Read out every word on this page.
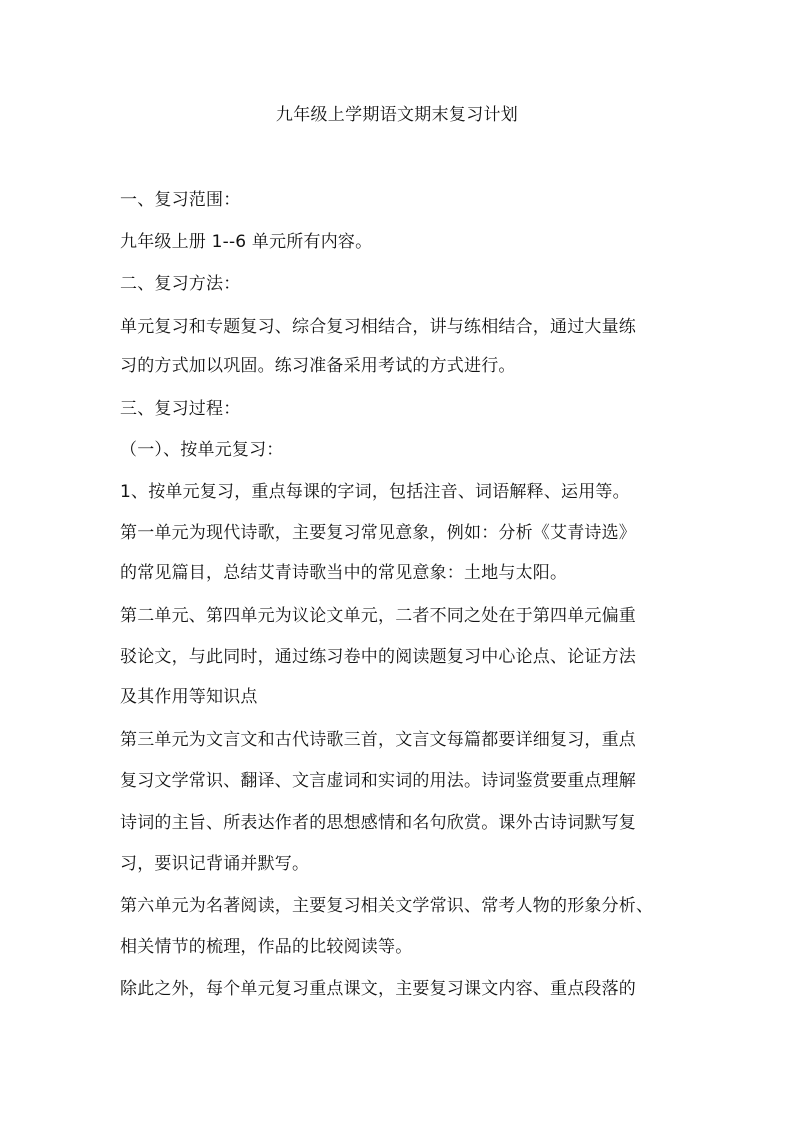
九年级上学期语文期末复习计划
一、复习范围：
九年级上册 1--6 单元所有内容。
二、复习方法：
单元复习和专题复习、综合复习相结合，讲与练相结合，通过大量练
习的方式加以巩固。练习准备采用考试的方式进行。
三、复习过程：
（一）、按单元复习：
1、按单元复习，重点每课的字词，包括注音、词语解释、运用等。
第一单元为现代诗歌，主要复习常见意象，例如：分析《艾青诗选》
的常见篇目，总结艾青诗歌当中的常见意象：土地与太阳。
第二单元、第四单元为议论文单元，二者不同之处在于第四单元偏重
驳论文，与此同时，通过练习卷中的阅读题复习中心论点、论证方法
及其作用等知识点
第三单元为文言文和古代诗歌三首，文言文每篇都要详细复习，重点
复习文学常识、翻译、文言虚词和实词的用法。诗词鉴赏要重点理解
诗词的主旨、所表达作者的思想感情和名句欣赏。课外古诗词默写复
习，要识记背诵并默写。
第六单元为名著阅读，主要复习相关文学常识、常考人物的形象分析、
相关情节的梳理，作品的比较阅读等。
除此之外，每个单元复习重点课文，主要复习课文内容、重点段落的
